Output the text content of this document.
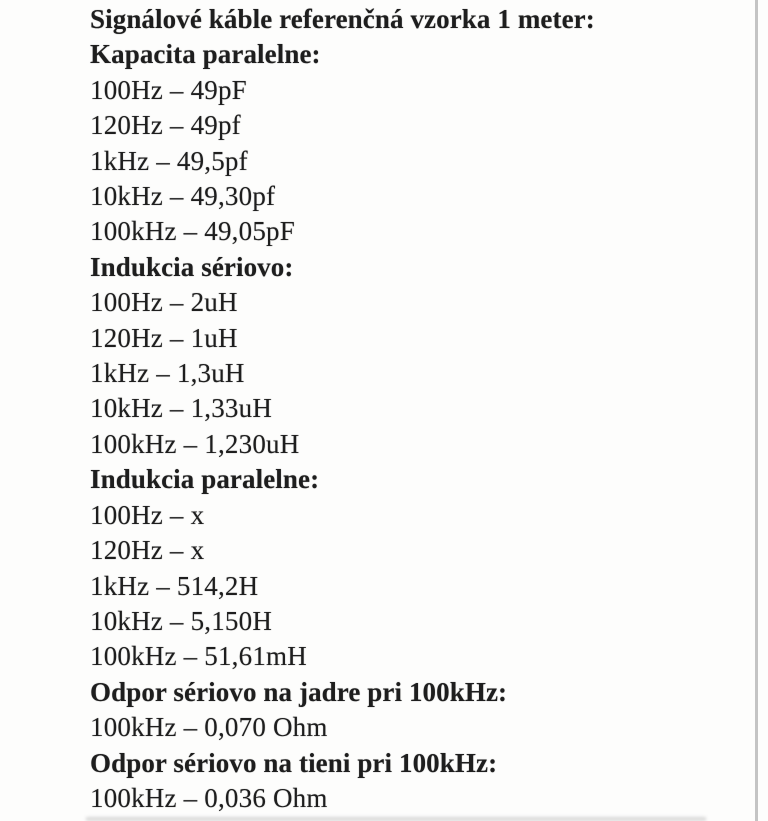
Signálové káble referenčná vzorka 1 meter:
Kapacita paralelne:
100Hz – 49pF
120Hz – 49pf
1kHz – 49,5pf
10kHz – 49,30pf
100kHz – 49,05pF
Indukcia sériovo:
100Hz – 2uH
120Hz – 1uH
1kHz – 1,3uH
10kHz – 1,33uH
100kHz – 1,230uH
Indukcia paralelne:
100Hz – x
120Hz – x
1kHz – 514,2H
10kHz – 5,150H
100kHz – 51,61mH
Odpor sériovo na jadre pri 100kHz:
100kHz – 0,070 Ohm
Odpor sériovo na tieni pri 100kHz:
100kHz – 0,036 Ohm
